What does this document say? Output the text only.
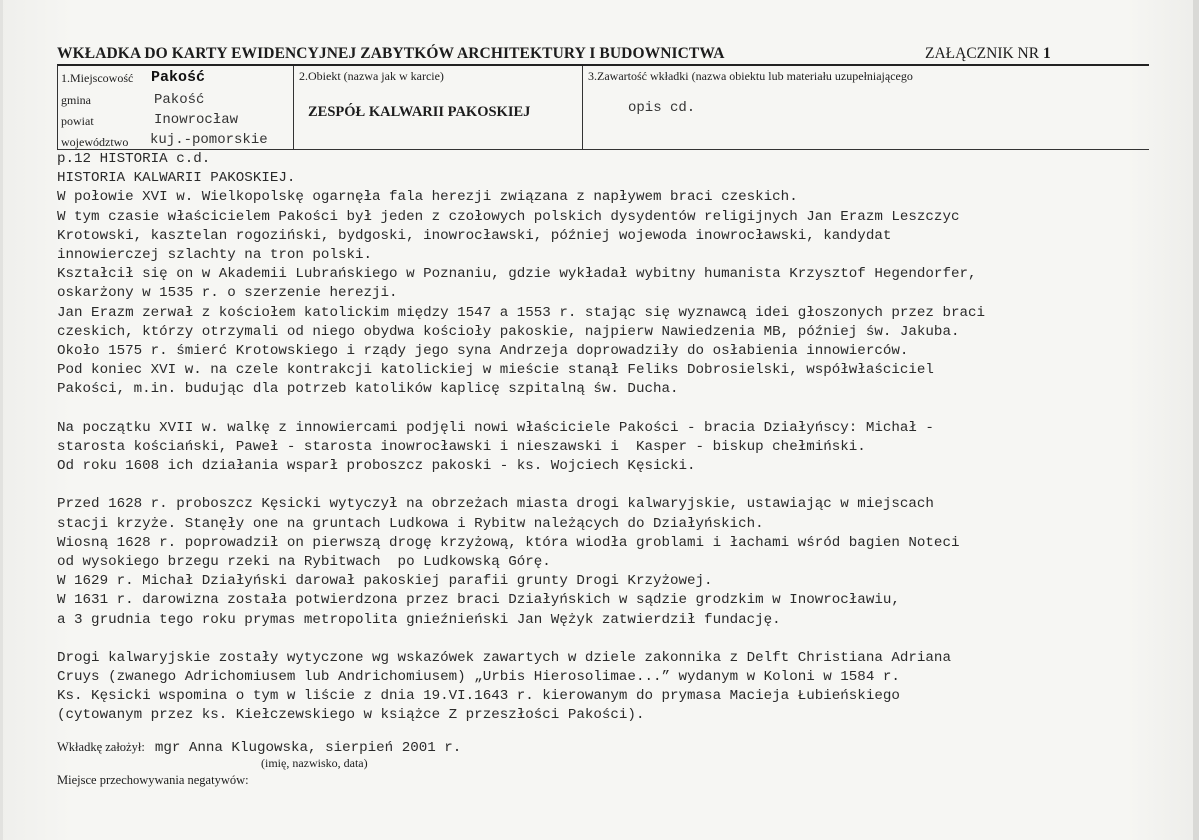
WKŁADKA DO KARTY EWIDENCYJNEJ ZABYTKÓW ARCHITEKTURY I BUDOWNICTWA	ZAŁĄCZNIK NR 1
1.Miejscowość Pakość
gmina	Pakość
powiat	Inowrocław
województwo kuj.-pomorskie
2.Obiekt (nazwa jak w karcie)
ZESPÓŁ KALWARII PAKOSKIEJ
3.Zawartość wkładki (nazwa obiektu lub materiału uzupełniającego
opis cd.
p.12 HISTORIA c.d.
HISTORIA KALWARII PAKOSKIEJ.
W połowie XVI w. Wielkopolskę ogarnęła fala herezji związana z napływem braci czeskich.
W tym czasie właścicielem Pakości był jeden z czołowych polskich dysydentów religijnych Jan Erazm Leszczyc
Krotowski, kasztelan rogoziński, bydgoski, inowrocławski, później wojewoda inowrocławski, kandydat
innowierczej szlachty na tron polski.
Kształcił się on w Akademii Lubrańskiego w Poznaniu, gdzie wykładał wybitny humanista Krzysztof Hegendorfer,
oskarżony w 1535 r. o szerzenie herezji.
Jan Erazm zerwał z kościołem katolickim między 1547 a 1553 r. stając się wyznawcą idei głoszonych przez braci
czeskich, którzy otrzymali od niego obydwa kościoły pakoskie, najpierw Nawiedzenia MB, później św. Jakuba.
Około 1575 r. śmierć Krotowskiego i rządy jego syna Andrzeja doprowadziły do osłabienia innowierców.
Pod koniec XVI w. na czele kontrakcji katolickiej w mieście stanął Feliks Dobrosielski, współwłaściciel
Pakości, m.in. budując dla potrzeb katolików kaplicę szpitalną św. Ducha.
Na początku XVII w. walkę z innowiercami podjęli nowi właściciele Pakości - bracia Działyńscy: Michał -
starosta kościański, Paweł - starosta inowrocławski i nieszawski i  Kasper - biskup chełmiński.
Od roku 1608 ich działania wsparł proboszcz pakoski - ks. Wojciech Kęsicki.
Przed 1628 r. proboszcz Kęsicki wytyczył na obrzeżach miasta drogi kalwaryjskie, ustawiając w miejscach
stacji krzyże. Stanęły one na gruntach Ludkowa i Rybitw należących do Działyńskich.
Wiosną 1628 r. poprowadził on pierwszą drogę krzyżową, która wiodła groblami i łachami wśród bagien Noteci
od wysokiego brzegu rzeki na Rybitwach  po Ludkowską Górę.
W 1629 r. Michał Działyński darował pakoskiej parafii grunty Drogi Krzyżowej.
W 1631 r. darowizna została potwierdzona przez braci Działyńskich w sądzie grodzkim w Inowrocławiu,
a 3 grudnia tego roku prymas metropolita gnieźnieński Jan Wężyk zatwierdził fundację.
Drogi kalwaryjskie zostały wytyczone wg wskazówek zawartych w dziele zakonnika z Delft Christiana Adriana
Cruys (zwanego Adrichomiusem lub Andrichomiusem) „Urbis Hierosolimae...” wydanym w Koloni w 1584 r.
Ks. Kęsicki wspomina o tym w liście z dnia 19.VI.1643 r. kierowanym do prymasa Macieja Łubieńskiego
(cytowanym przez ks. Kiełczewskiego w książce Z przeszłości Pakości).
Wkładkę założył: mgr Anna Klugowska, sierpień 2001 r.
(imię, nazwisko, data)
Miejsce przechowywania negatywów:
